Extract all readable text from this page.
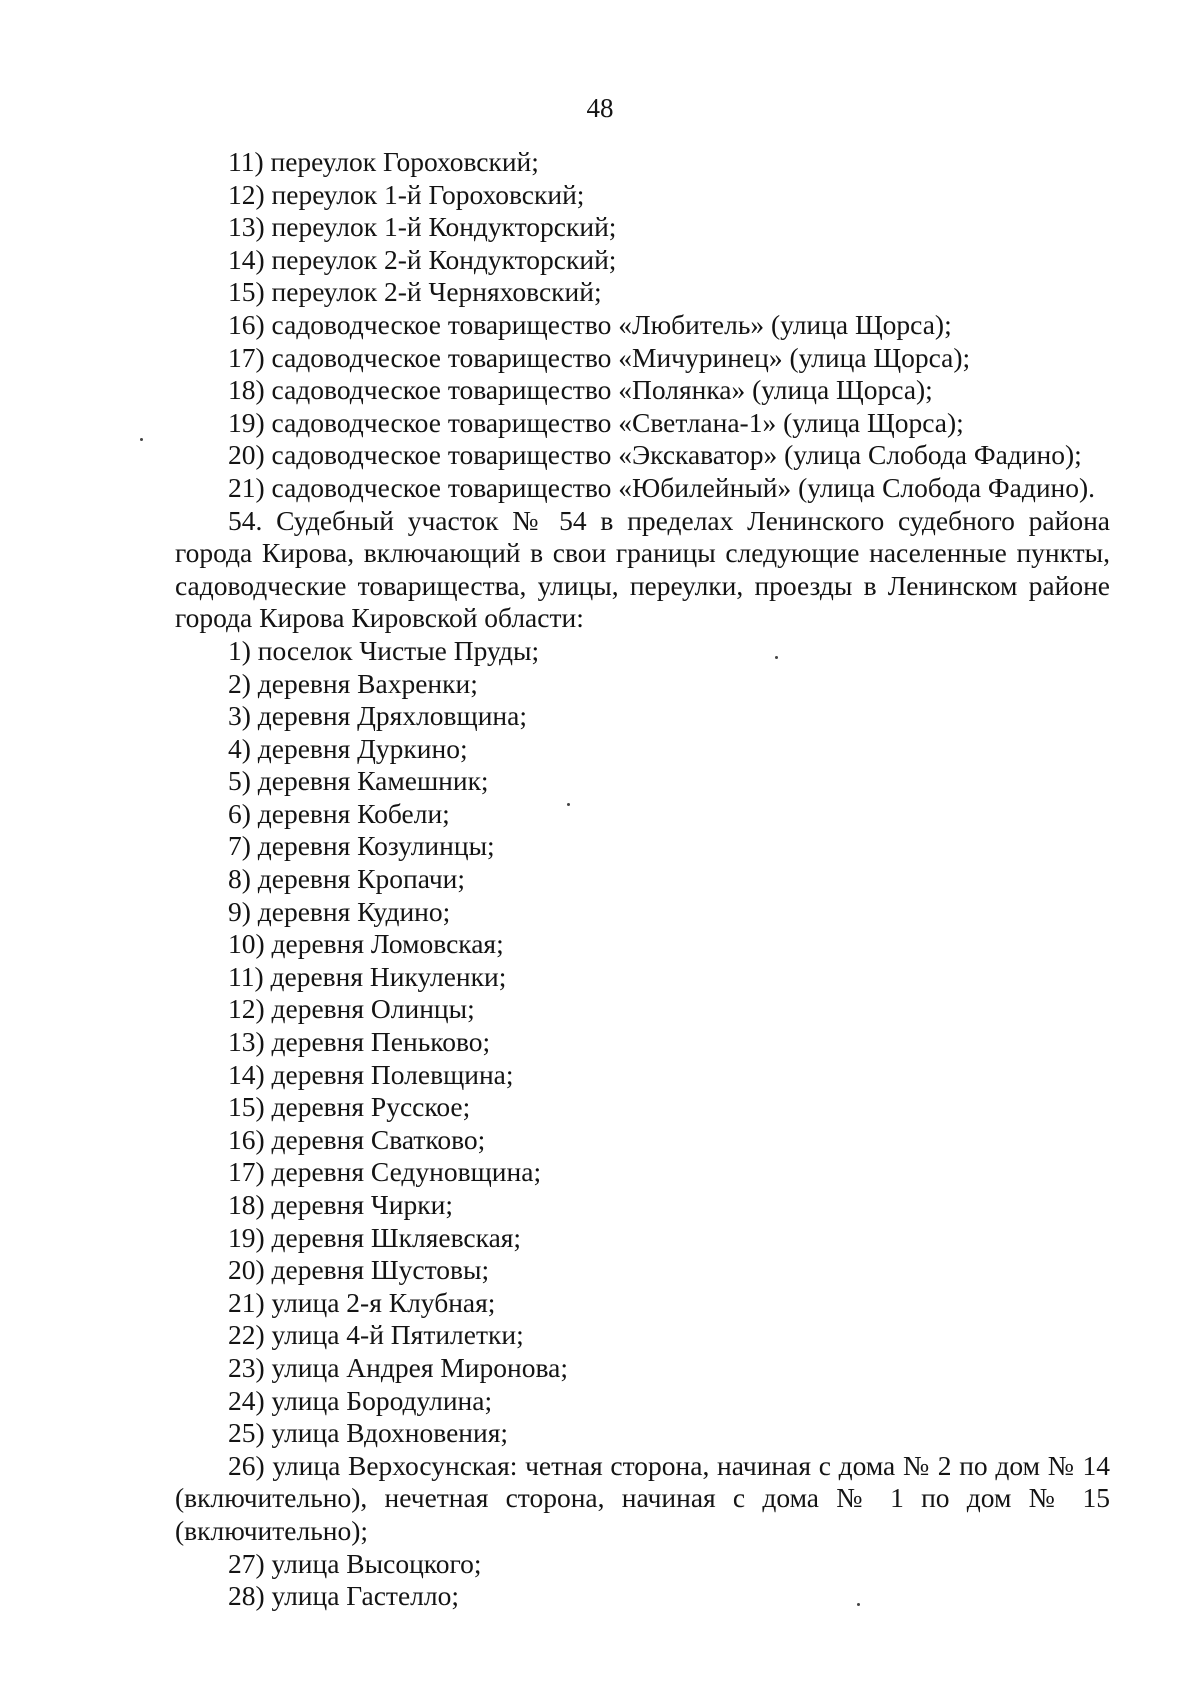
48
11) переулок Гороховский;
12) переулок 1-й Гороховский;
13) переулок 1-й Кондукторский;
14) переулок 2-й Кондукторский;
15) переулок 2-й Черняховский;
16) садоводческое товарищество «Любитель» (улица Щорса);
17) садоводческое товарищество «Мичуринец» (улица Щорса);
18) садоводческое товарищество «Полянка» (улица Щорса);
19) садоводческое товарищество «Светлана-1» (улица Щорса);
20) садоводческое товарищество «Экскаватор» (улица Слобода Фадино);
21) садоводческое товарищество «Юбилейный» (улица Слобода Фадино).
54. Судебный участок № 54 в пределах Ленинского судебного района города Кирова, включающий в свои границы следующие населенные пункты, садоводческие товарищества, улицы, переулки, проезды в Ленинском районе города Кирова Кировской области:
1) поселок Чистые Пруды;
2) деревня Вахренки;
3) деревня Дряхловщина;
4) деревня Дуркино;
5) деревня Камешник;
6) деревня Кобели;
7) деревня Козулинцы;
8) деревня Кропачи;
9) деревня Кудино;
10) деревня Ломовская;
11) деревня Никуленки;
12) деревня Олинцы;
13) деревня Пеньково;
14) деревня Полевщина;
15) деревня Русское;
16) деревня Сватково;
17) деревня Седуновщина;
18) деревня Чирки;
19) деревня Шкляевская;
20) деревня Шустовы;
21) улица 2-я Клубная;
22) улица 4-й Пятилетки;
23) улица Андрея Миронова;
24) улица Бородулина;
25) улица Вдохновения;
26) улица Верхосунская: четная сторона, начиная с дома № 2 по дом № 14 (включительно), нечетная сторона, начиная с дома № 1 по дом № 15 (включительно);
27) улица Высоцкого;
28) улица Гастелло;
